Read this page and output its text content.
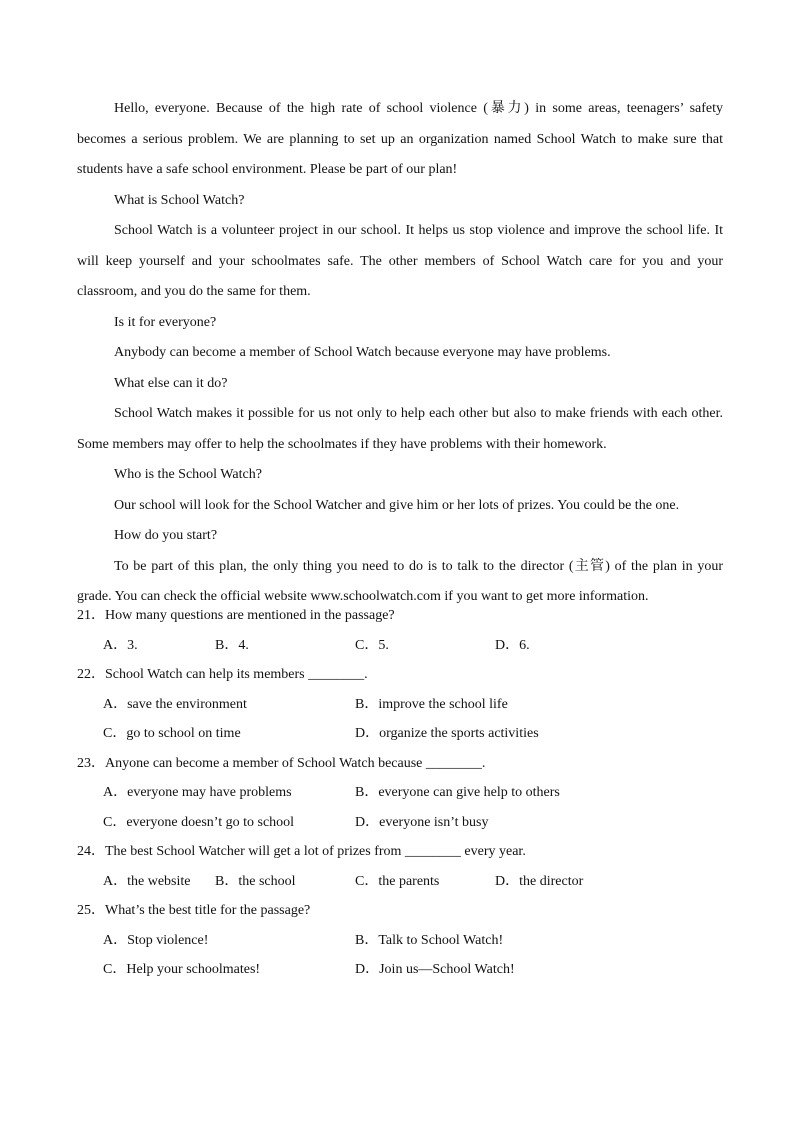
Hello, everyone. Because of the high rate of school violence (暴力) in some areas, teenagers’ safety becomes a serious problem. We are planning to set up an organization named School Watch to make sure that students have a safe school environment. Please be part of our plan!

What is School Watch?

School Watch is a volunteer project in our school. It helps us stop violence and improve the school life. It will keep yourself and your schoolmates safe. The other members of School Watch care for you and your classroom, and you do the same for them.

Is it for everyone?

Anybody can become a member of School Watch because everyone may have problems.

What else can it do?

School Watch makes it possible for us not only to help each other but also to make friends with each other. Some members may offer to help the schoolmates if they have problems with their homework.

Who is the School Watch?

Our school will look for the School Watcher and give him or her lots of prizes. You could be the one.

How do you start?

To be part of this plan, the only thing you need to do is to talk to the director (主管) of the plan in your grade. You can check the official website www.schoolwatch.com if you want to get more information.

21．How many questions are mentioned in the passage?
A．3.	B．4.	C．5.	D．6.
22．School Watch can help its members ________.
A．save the environment	B．improve the school life
C．go to school on time	D．organize the sports activities
23．Anyone can become a member of School Watch because ________.
A．everyone may have problems	B．everyone can give help to others
C．everyone doesn’t go to school	D．everyone isn’t busy
24．The best School Watcher will get a lot of prizes from ________ every year.
A．the website B．the school	C．the parents	D．the director
25．What’s the best title for the passage?
A．Stop violence!	B．Talk to School Watch!
C．Help your schoolmates!	D．Join us—School Watch!
